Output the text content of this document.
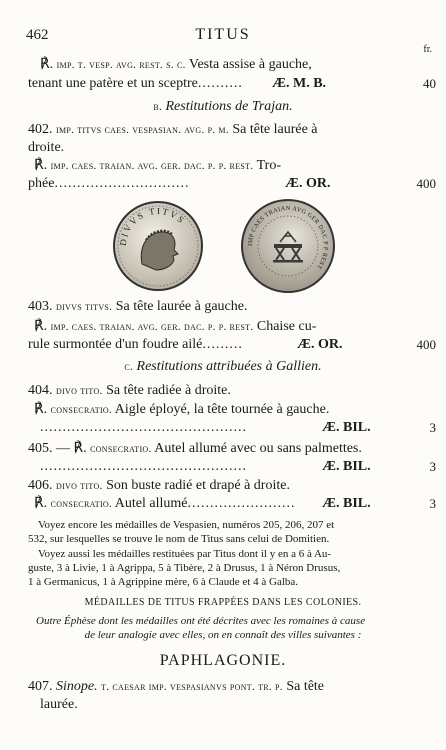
462	TITUS
fr.
℟. imp. t. vesp. avg. rest. s. c. Vesta assise à gauche,
tenant une patère et un sceptre.......... Æ. M. B.	40
b. Restitutions de Trajan.
402. imp. titvs caes. vespasian. avg. p. m. Sa tête laurée à
droite.
℟. imp. caes. traian. avg. ger. dac. p. p. rest. Tro-
phée..............................	Æ. OR.	400
DIVVS TITVS
IMP CAES TRAIAN AVG GER DAC P P REST
403. divvs titvs. Sa tête laurée à gauche.
℟. imp. caes. traian. avg. ger. dac. p. p. rest. Chaise cu-
rule surmontée d'un foudre ailé.........	Æ. OR.	400
c. Restitutions attribuées à Gallien.
404. divo tito. Sa tête radiée à droite.
℟. consecratio. Aigle éployé, la tête tournée à gauche.
..............................................	Æ. BIL.	3
405. — ℟. consecratio. Autel allumé avec ou sans palmettes.
..............................................	Æ. BIL.	3
406. divo tito. Son buste radié et drapé à droite.
℟. consecratio. Autel allumé........................ Æ. BIL.	3
Voyez encore les médailles de Vespasien, numéros 205, 206, 207 et
532, sur lesquelles se trouve le nom de Titus sans celui de Domitien.
Voyez aussi les médailles restituées par Titus dont il y en a 6 à Au-
guste, 3 à Livie, 1 à Agrippa, 5 à Tibère, 2 à Drusus, 1 à Néron Drusus,
1 à Germanicus, 1 à Agrippine mère, 6 à Claude et 4 à Galba.
MÉDAILLES DE TITUS FRAPPÉES DANS LES COLONIES.
Outre Éphèse dont les médailles ont été décrites avec les romaines à cause
de leur analogie avec elles, on en connaît des villes suivantes :
PAPHLAGONIE.
407. Sinope. t. caesar imp. vespasianvs pont. tr. p. Sa tête
laurée.
